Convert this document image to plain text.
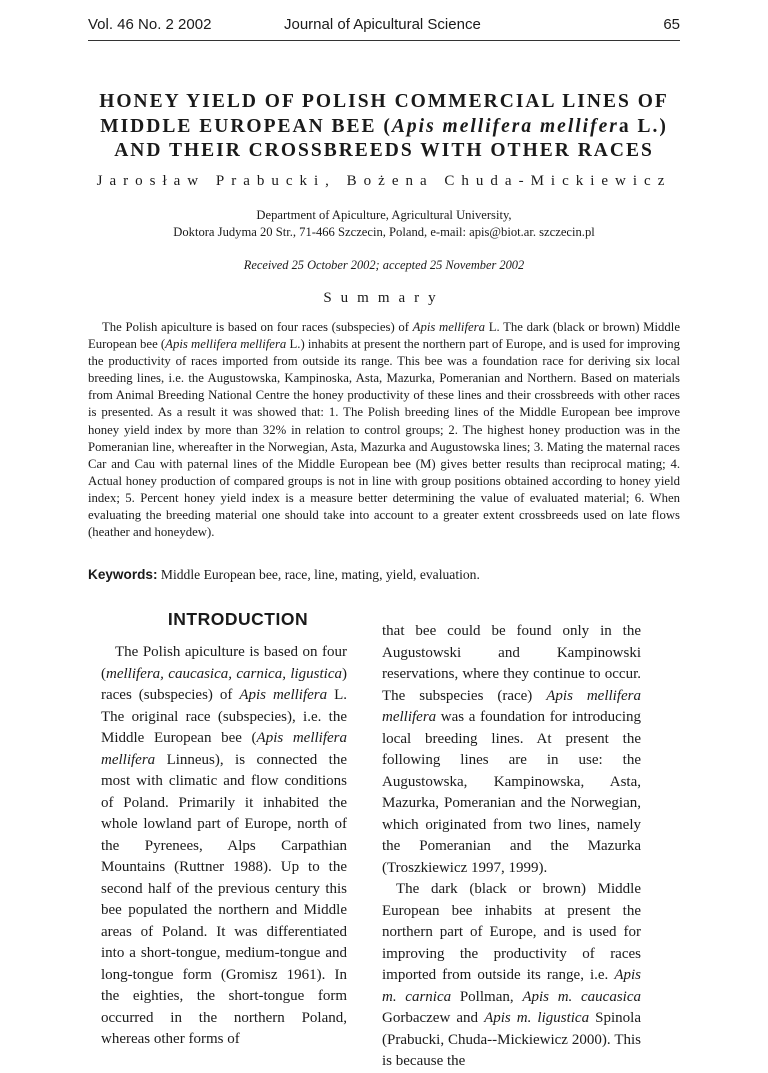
Vol. 46 No. 2 2002	Journal of Apicultural Science	65
HONEY YIELD OF POLISH COMMERCIAL LINES OF
MIDDLE EUROPEAN BEE (Apis mellifera mellifera L.)
AND THEIR CROSSBREEDS WITH OTHER RACES
Jarosław Prabucki, Bożena Chuda-Mickiewicz
Department of Apiculture, Agricultural University,
Doktora Judyma 20 Str., 71-466 Szczecin, Poland, e-mail: apis@biot.ar. szczecin.pl
Received 25 October 2002; accepted 25 November 2002
Summary

The Polish apiculture is based on four races (subspecies) of Apis mellifera L. The dark (black or brown) Middle European bee (Apis mellifera mellifera L.) inhabits at present the northern part of Europe, and is used for improving the productivity of races imported from outside its range. This bee was a foundation race for deriving six local breeding lines, i.e. the Augustowska, Kampinoska, Asta, Mazurka, Pomeranian and Northern. Based on materials from Animal Breeding National Centre the honey productivity of these lines and their crossbreeds with other races is presented. As a result it was showed that: 1. The Polish breeding lines of the Middle European bee improve honey yield index by more than 32% in relation to control groups; 2. The highest honey production was in the Pomeranian line, whereafter in the Norwegian, Asta, Mazurka and Augustowska lines; 3. Mating the maternal races Car and Cau with paternal lines of the Middle European bee (M) gives better results than reciprocal mating; 4. Actual honey production of compared groups is not in line with group positions obtained according to honey yield index; 5. Percent honey yield index is a measure better determining the value of evaluated material; 6. When evaluating the breeding material one should take into account to a greater extent crossbreeds used on late flows (heather and honeydew).

Keywords: Middle European bee, race, line, mating, yield, evaluation.
INTRODUCTION

The Polish apiculture is based on four (mellifera, caucasica, carnica, ligustica) races (subspecies) of Apis mellifera L. The original race (subspecies), i.e. the Middle European bee (Apis mellifera mellifera Linneus), is connected the most with climatic and flow conditions of Poland. Primarily it inhabited the whole lowland part of Europe, north of the Pyrenees, Alps Carpathian Mountains (Ruttner 1988). Up to the second half of the previous century this bee populated the northern and Middle areas of Poland. It was differentiated into a short-tongue, medium-tongue and long-tongue form (Gromisz 1961). In the eighties, the short-tongue form occurred in the northern Poland, whereas other forms of

that bee could be found only in the Augustowski and Kampinowski reservations, where they continue to occur. The subspecies (race) Apis mellifera mellifera was a foundation for introducing local breeding lines. At present the following lines are in use: the Augustowska, Kampinowska, Asta, Mazurka, Pomeranian and the Norwegian, which originated from two lines, namely the Pomeranian and the Mazurka (Troszkiewicz 1997, 1999).

The dark (black or brown) Middle European bee inhabits at present the northern part of Europe, and is used for improving the productivity of races imported from outside its range, i.e. Apis m. carnica Pollman, Apis m. caucasica Gorbaczew and Apis m. ligustica Spinola (Prabucki, Chuda--Mickiewicz 2000). This is because the
